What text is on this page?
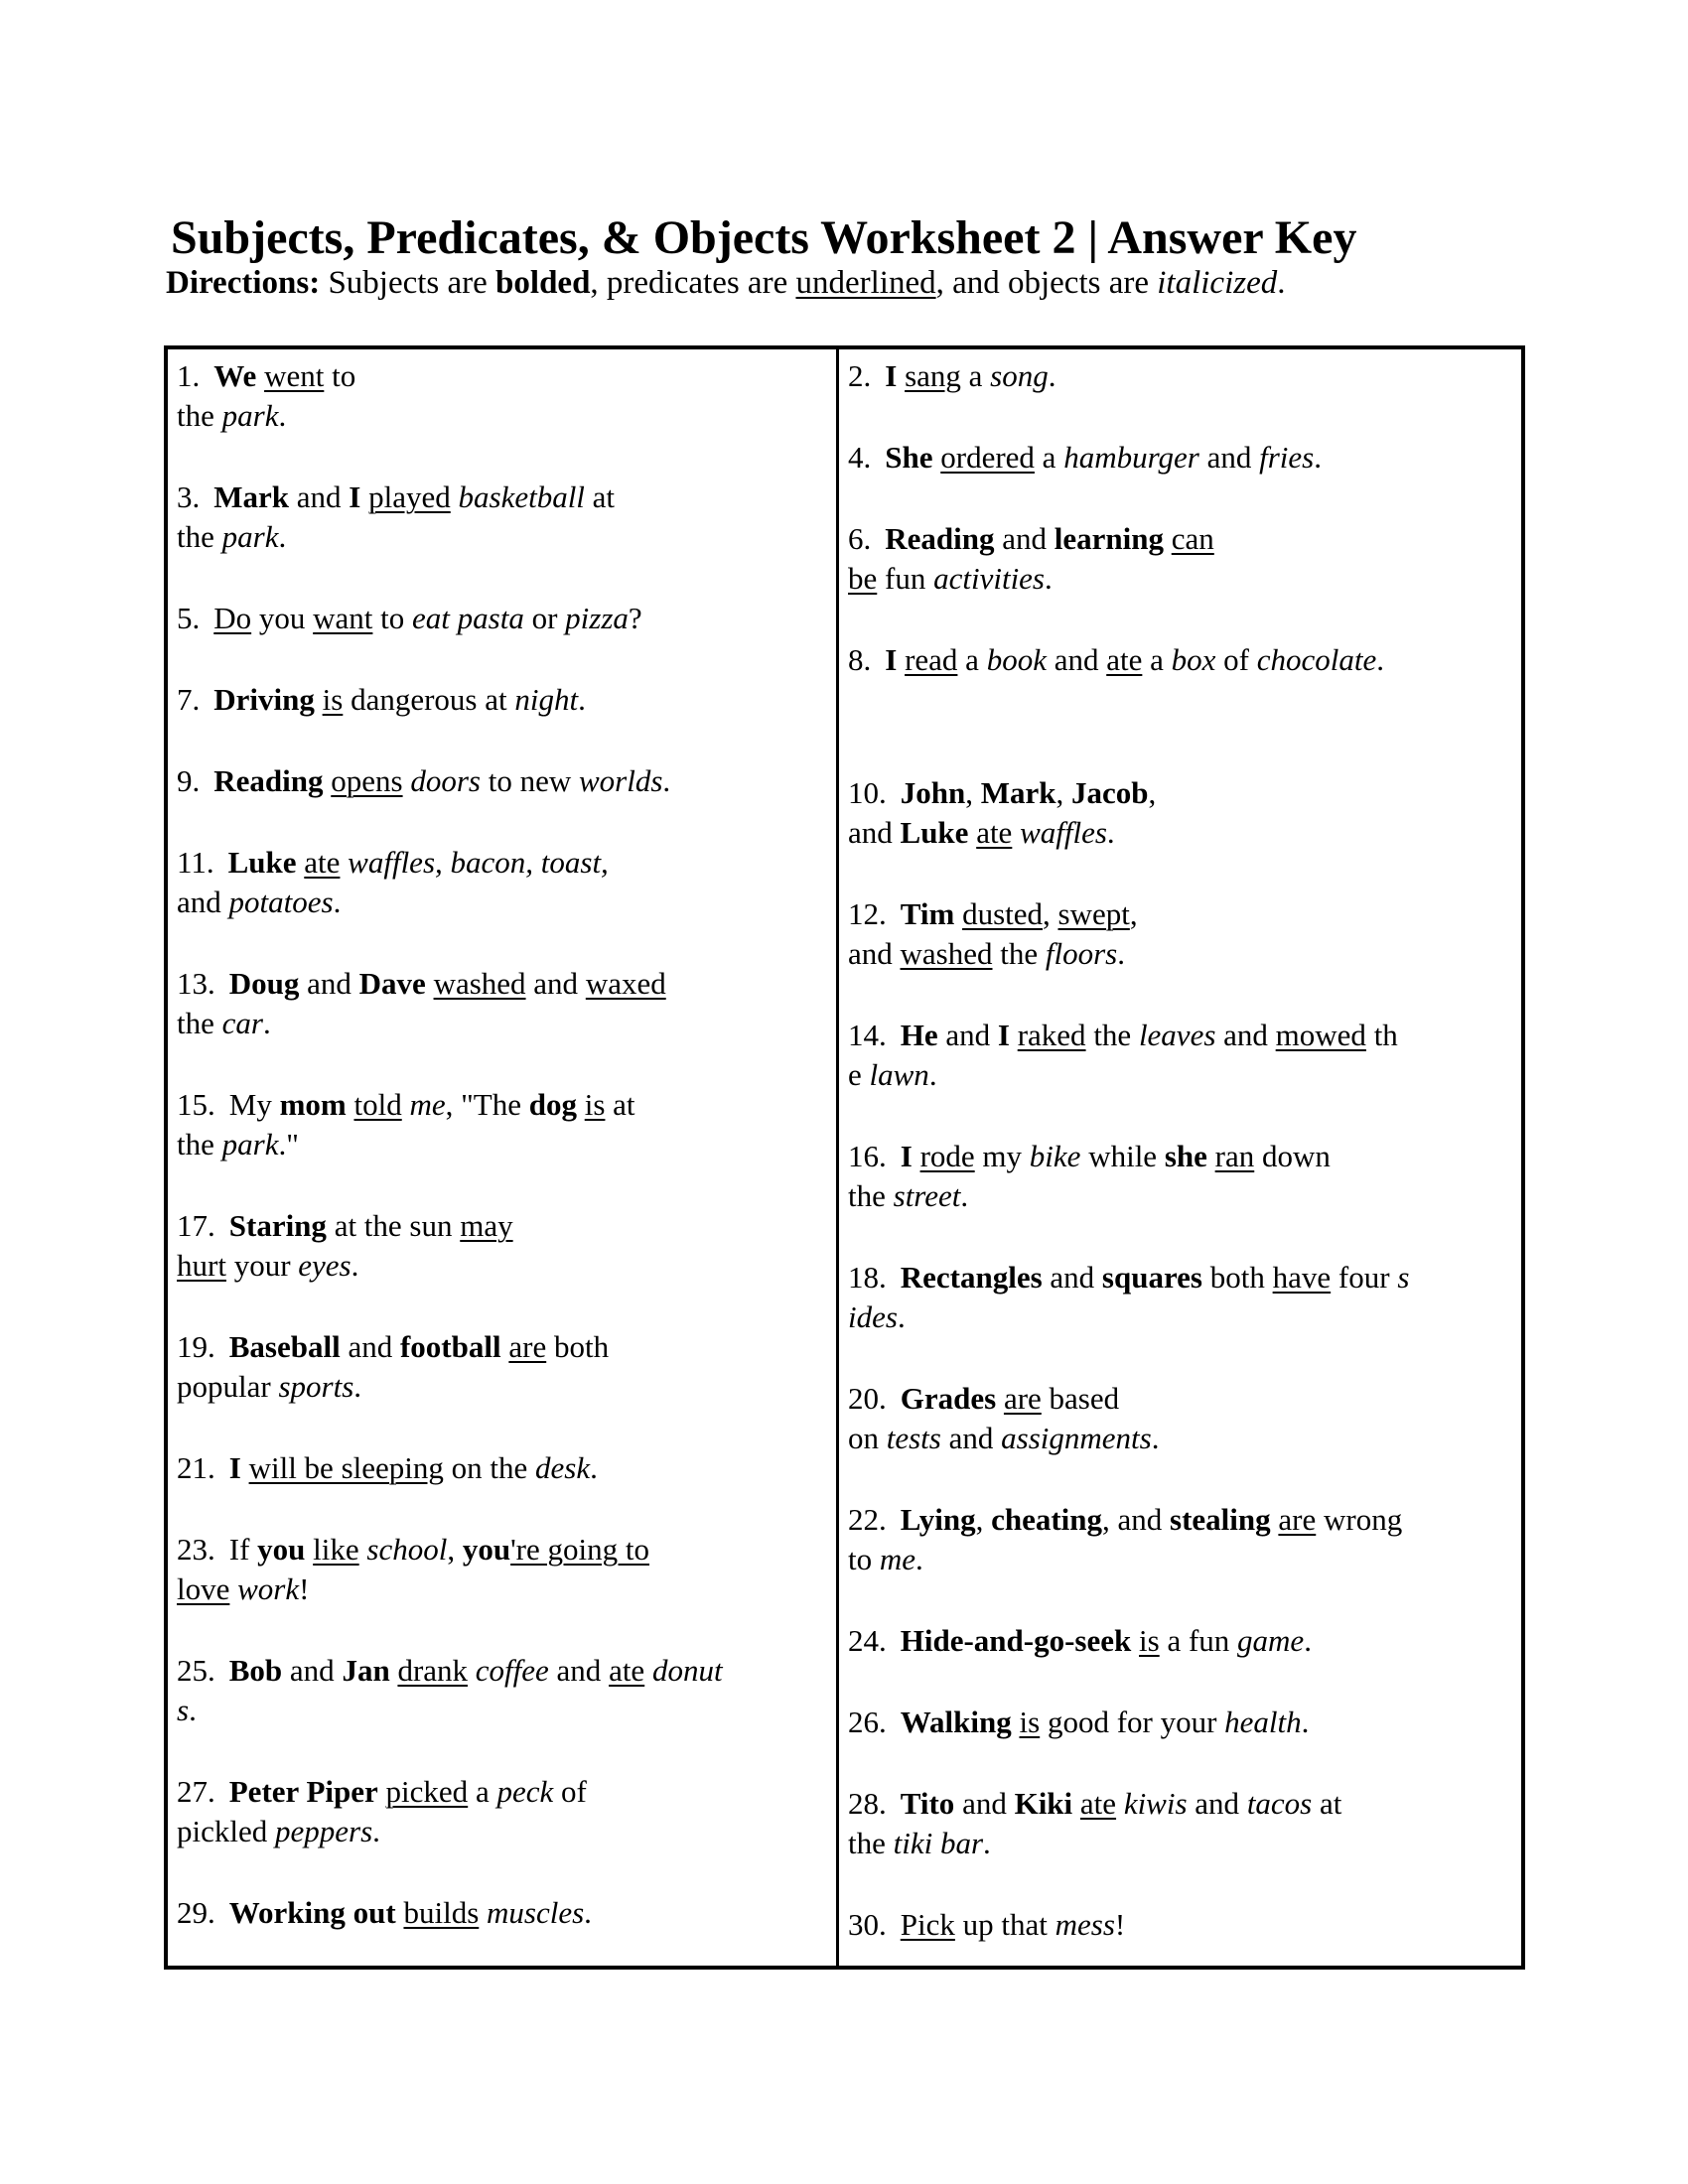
Subjects, Predicates, & Objects Worksheet 2 | Answer Key
Directions: Subjects are bolded, predicates are underlined, and objects are italicized.

1. We went to
the park.

3. Mark and I played basketball at
the park.

5. Do you want to eat pasta or pizza?

7. Driving is dangerous at night.

9. Reading opens doors to new worlds.

11. Luke ate waffles, bacon, toast,
and potatoes.

13. Doug and Dave washed and waxed
the car.

15. My mom told me, "The dog is at
the park."

17. Staring at the sun may
hurt your eyes.

19. Baseball and football are both
popular sports.

21. I will be sleeping on the desk.

23. If you like school, you're going to
love work!

25. Bob and Jan drank coffee and ate donut
s.

27. Peter Piper picked a peck of
pickled peppers.

29. Working out builds muscles.

2. I sang a song.

4. She ordered a hamburger and fries.

6. Reading and learning can
be fun activities.

8. I read a book and ate a box of chocolate.

10. John, Mark, Jacob,
and Luke ate waffles.

12. Tim dusted, swept,
and washed the floors.

14. He and I raked the leaves and mowed th
e lawn.

16. I rode my bike while she ran down
the street.

18. Rectangles and squares both have four s
ides.

20. Grades are based
on tests and assignments.

22. Lying, cheating, and stealing are wrong
to me.

24. Hide-and-go-seek is a fun game.

26. Walking is good for your health.

28. Tito and Kiki ate kiwis and tacos at
the tiki bar.

30. Pick up that mess!
